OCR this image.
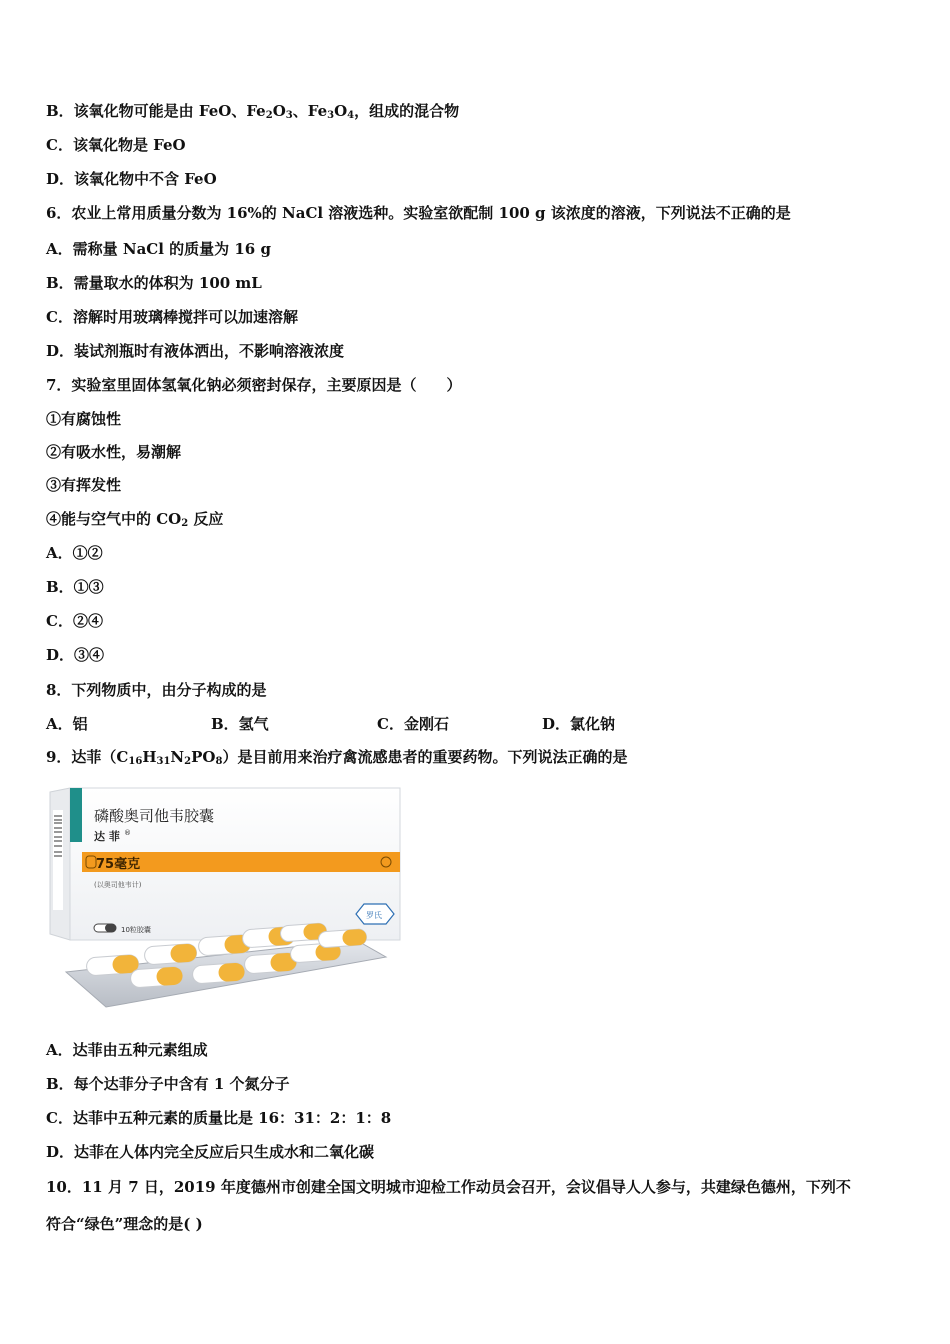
B．该氧化物可能是由 FeO、$Fe_2O_3$、$Fe_3O_4$，组成的混合物
C．该氧化物是 FeO
D．该氧化物中不含 FeO
6．农业上常用质量分数为 16%的 NaCl 溶液选种。实验室欲配制 100 g 该浓度的溶液，下列说法不正确的是
A．需称量 NaCl 的质量为 16 g
B．需量取水的体积为 100 mL
C．溶解时用玻璃棒搅拌可以加速溶解
D．装试剂瓶时有液体洒出，不影响溶液浓度
7．实验室里固体氢氧化钠必须密封保存，主要原因是（　　）
①有腐蚀性
②有吸水性，易潮解
③有挥发性
④能与空气中的 $CO_2$ 反应
A．①②
B．①③
C．②④
D．③④
8．下列物质中，由分子构成的是
A．铝	B．氢气	C．金刚石	D．氯化钠
9．达菲$(C_{16}H_{31}N_2PO_8)$是目前用来治疗禽流感患者的重要药物。下列说法正确的是
磷酸奥司他韦胶囊
达 菲 ®
75毫克
(以奥司他韦计)
10粒胶囊
罗氏
A．达菲由五种元素组成
B．每个达菲分子中含有 1 个氮分子
C．达菲中五种元素的质量比是 16：31：2：1：8
D．达菲在人体内完全反应后只生成水和二氧化碳
10．11 月 7 日，2019 年度德州市创建全国文明城市迎检工作动员会召开，会议倡导人人参与，共建绿色德州，下列不
符合“绿色”理念的是( )
